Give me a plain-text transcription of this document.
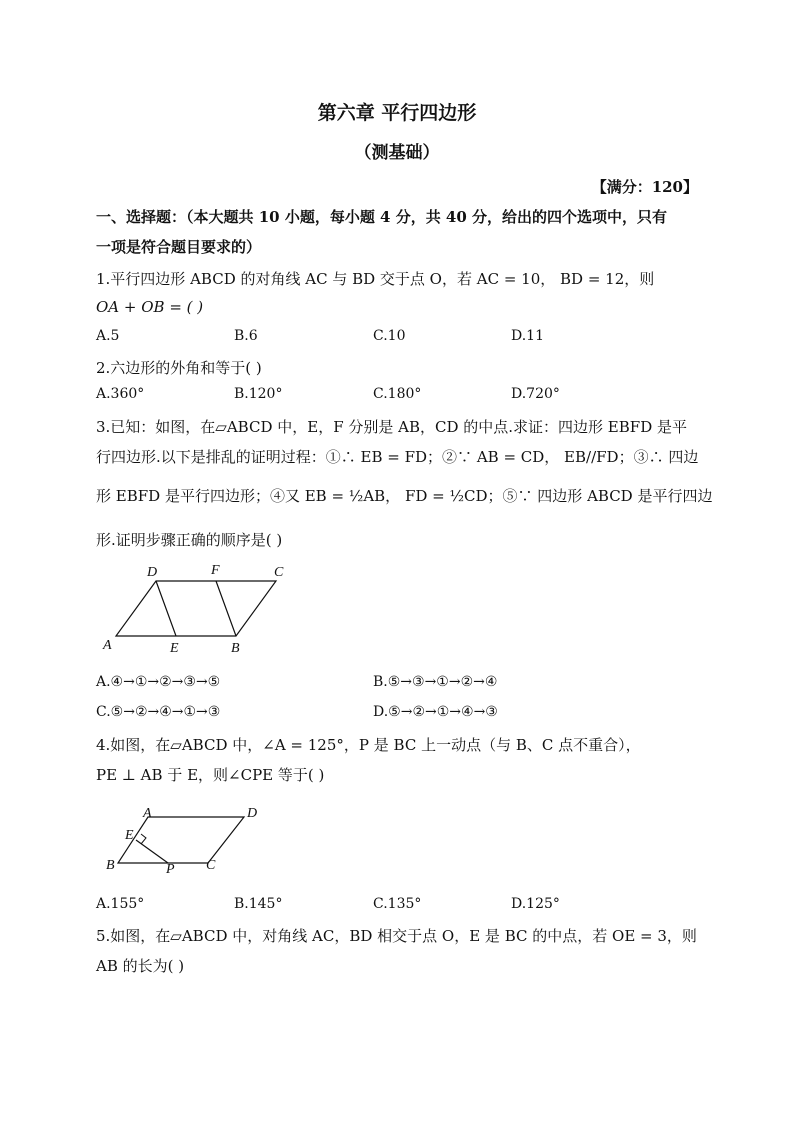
第六章 平行四边形
（测基础）
【满分：120】
一、选择题：（本大题共 10 小题，每小题 4 分，共 40 分，给出的四个选项中，只有
一项是符合题目要求的）
1.平行四边形 ABCD 的对角线 AC 与 BD 交于点 O，若 AC = 10， BD = 12，则
OA + OB = ( )
A.5	B.6	C.10	D.11
2.六边形的外角和等于( )
A.360°	B.120°	C.180°	D.720°
3.已知：如图，在▱ABCD 中，E，F 分别是 AB，CD 的中点.求证：四边形 EBFD 是平
行四边形.以下是排乱的证明过程：①∴ EB = FD；②∵ AB = CD， EB//FD；③∴ 四边
形 EBFD 是平行四边形；④又 EB = ½AB， FD = ½CD；⑤∵ 四边形 ABCD 是平行四边
形.证明步骤正确的顺序是( )
D	F	C
A	E	B
A.④→①→②→③→⑤	B.⑤→③→①→②→④
C.⑤→②→④→①→③	D.⑤→②→①→④→③
4.如图，在▱ABCD 中，∠A = 125°，P 是 BC 上一动点（与 B、C 点不重合），
PE ⊥ AB 于 E，则∠CPE 等于( )
A	D
E
B	P C
A.155°	B.145°	C.135°	D.125°
5.如图，在▱ABCD 中，对角线 AC，BD 相交于点 O，E 是 BC 的中点，若 OE = 3，则
AB 的长为( )
